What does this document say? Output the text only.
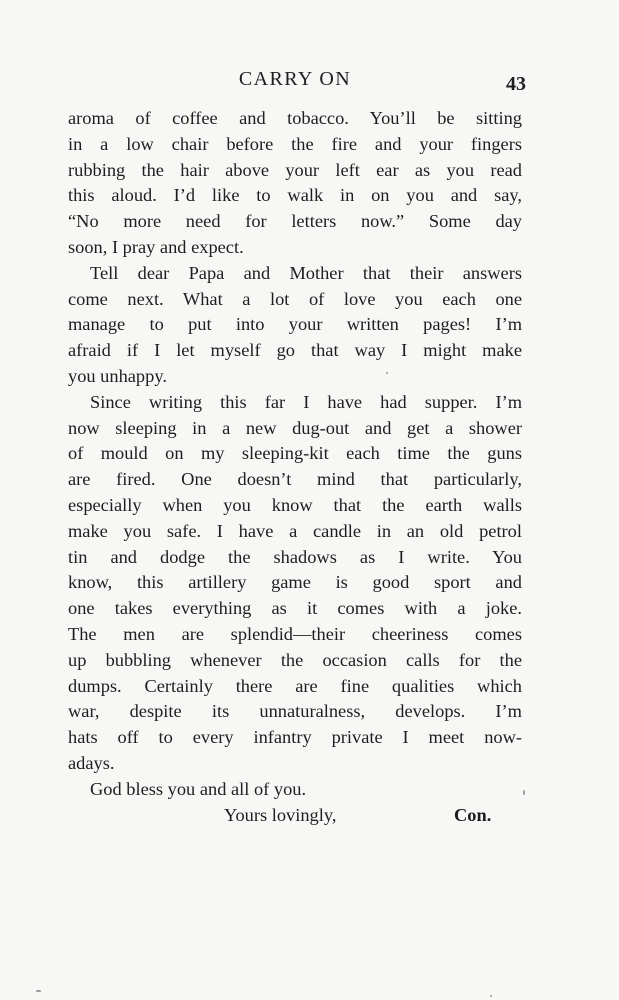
CARRY ON	43
aroma of coffee and tobacco. You’ll be sitting
in a low chair before the fire and your fingers
rubbing the hair above your left ear as you read
this aloud. I’d like to walk in on you and say,
“No more need for letters now.” Some day
soon, I pray and expect.
Tell dear Papa and Mother that their answers
come next. What a lot of love you each one
manage to put into your written pages! I’m
afraid if I let myself go that way I might make
you unhappy.
Since writing this far I have had supper. I’m
now sleeping in a new dug-out and get a shower
of mould on my sleeping-kit each time the guns
are fired. One doesn’t mind that particularly,
especially when you know that the earth walls
make you safe. I have a candle in an old petrol
tin and dodge the shadows as I write. You
know, this artillery game is good sport and
one takes everything as it comes with a joke.
The men are splendid—their cheeriness comes
up bubbling whenever the occasion calls for the
dumps. Certainly there are fine qualities which
war, despite its unnaturalness, develops. I’m
hats off to every infantry private I meet now-
adays.
God bless you and all of you.
Yours lovingly,	Con.
